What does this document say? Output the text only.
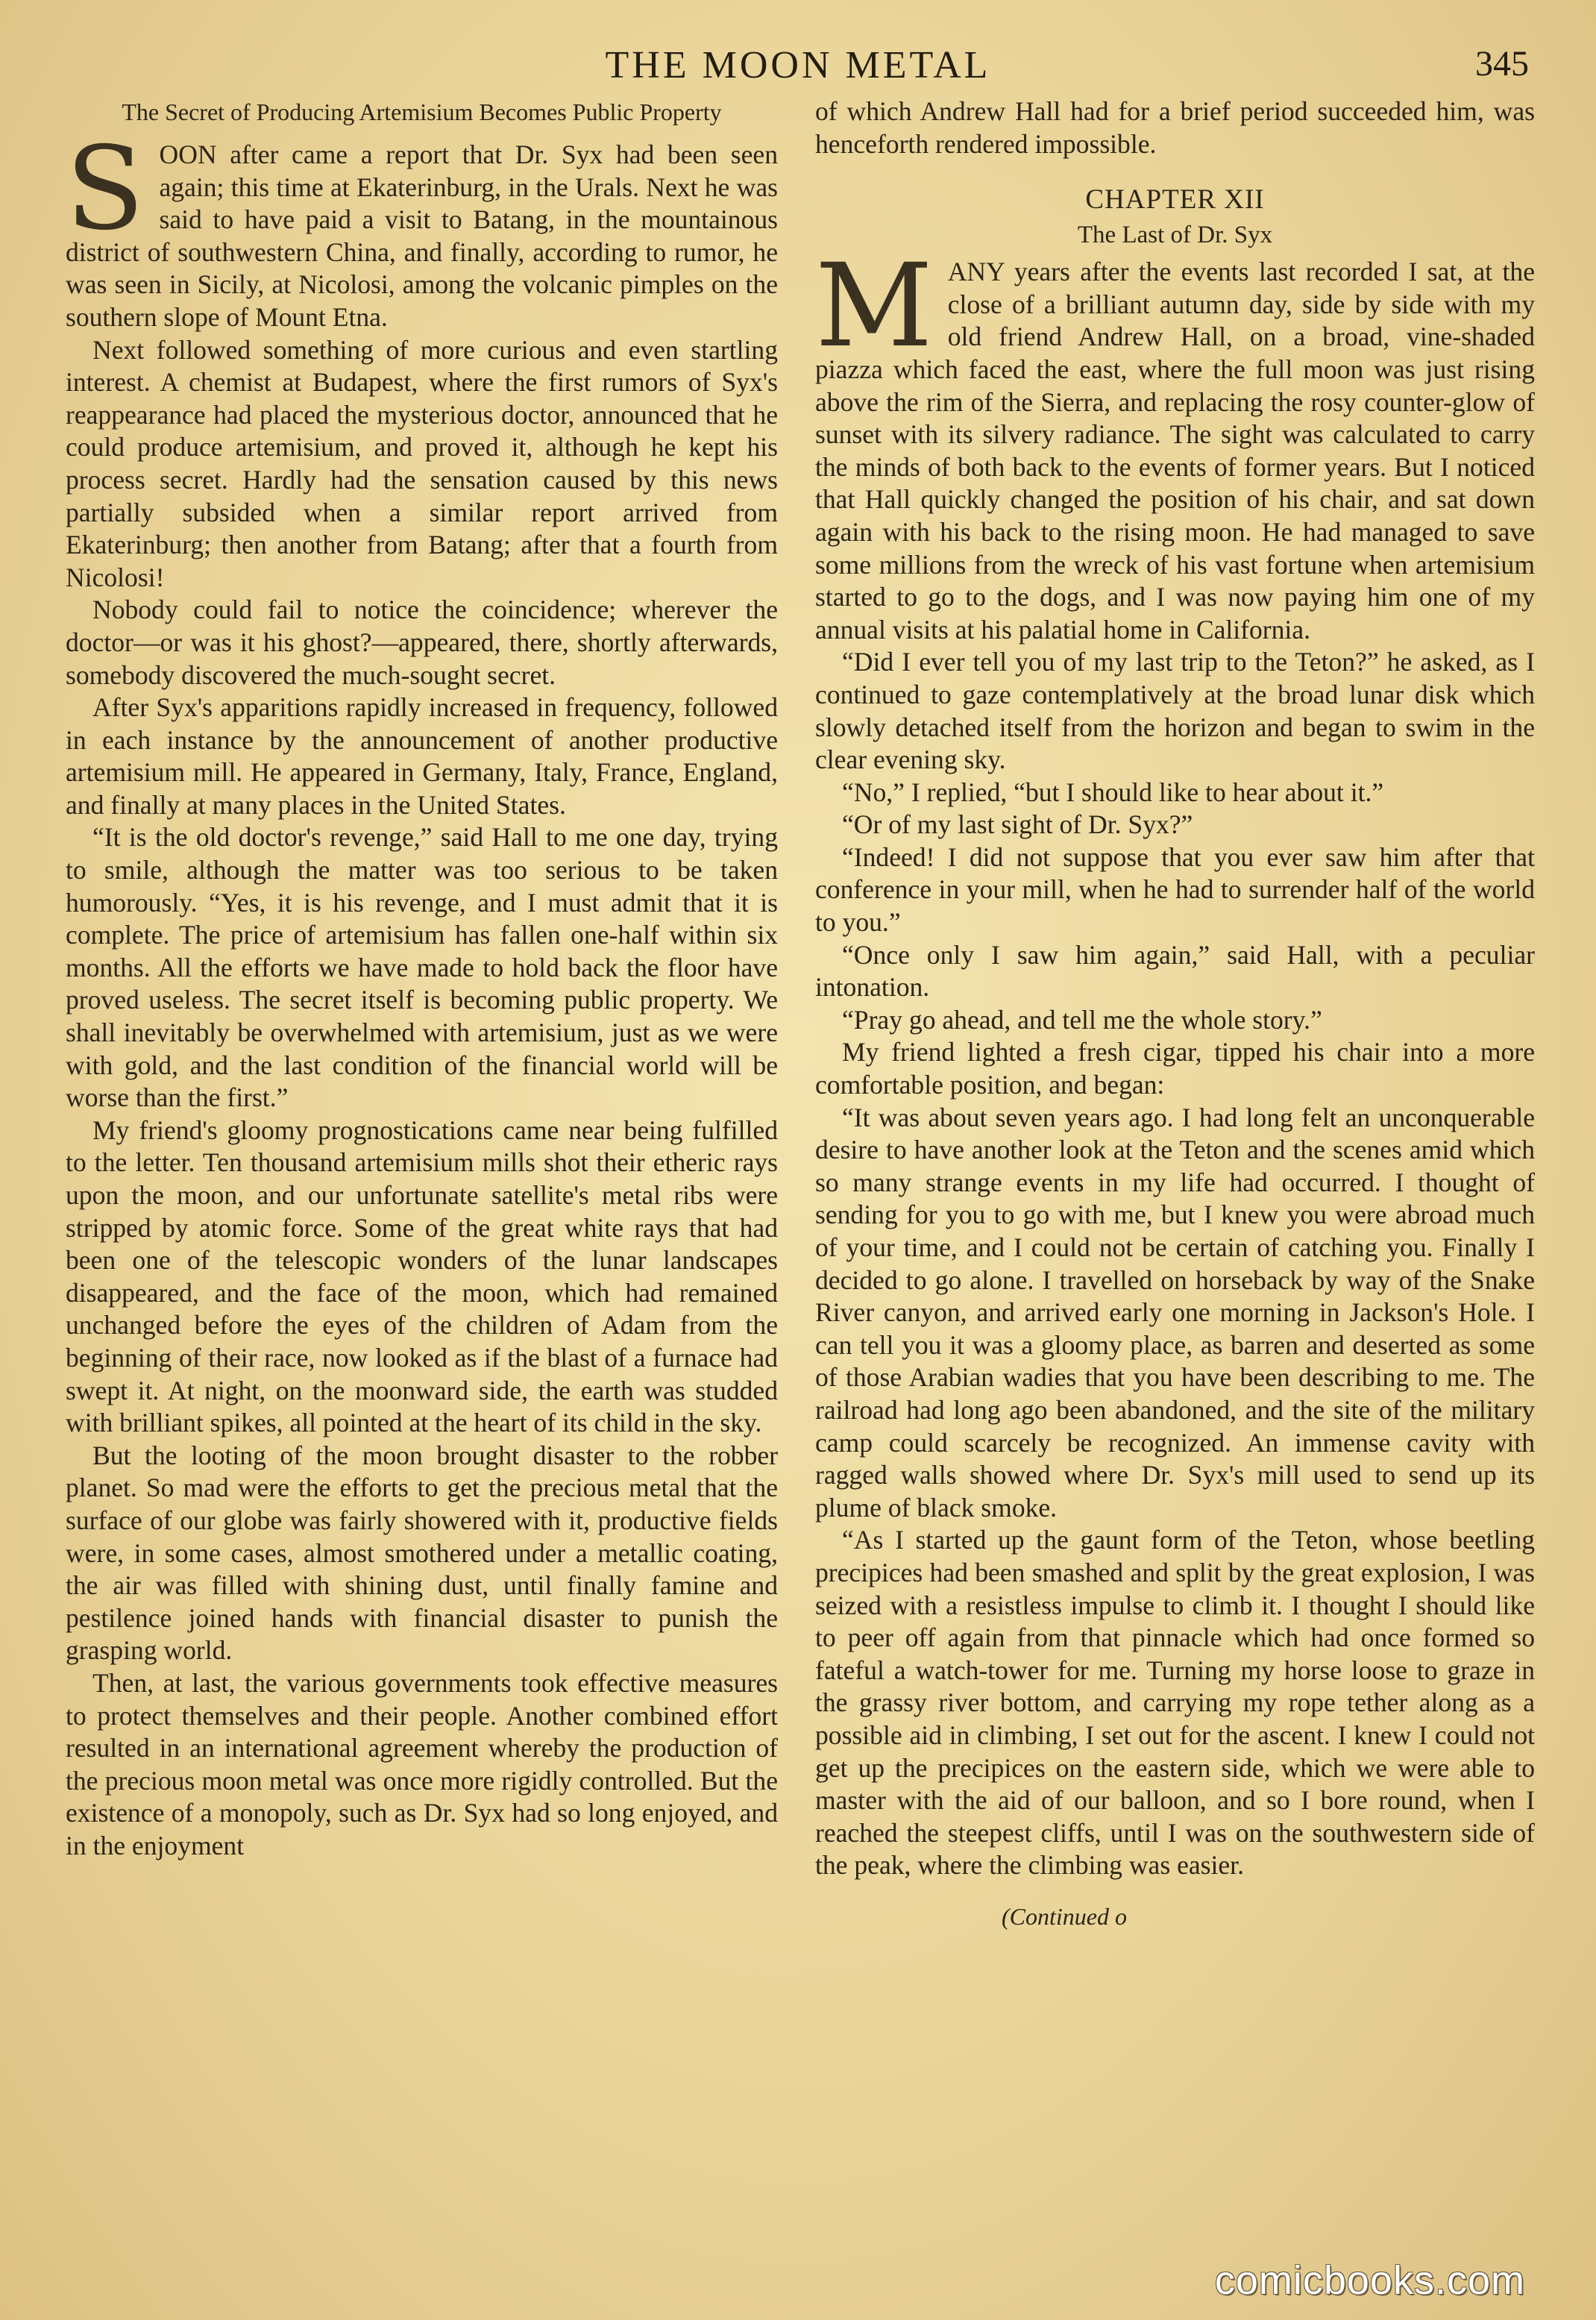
THE MOON METAL	345
The Secret of Producing Artemisium Becomes Public Property

SOON after came a report that Dr. Syx had been seen again; this time at Ekaterinburg, in the Urals. Next he was said to have paid a visit to Batang, in the mountainous district of southwestern China, and finally, according to rumor, he was seen in Sicily, at Nicolosi, among the volcanic pimples on the southern slope of Mount Etna.

Next followed something of more curious and even startling interest. A chemist at Budapest, where the first rumors of Syx's reappearance had placed the mysterious doctor, announced that he could produce artemisium, and proved it, although he kept his process secret. Hardly had the sensation caused by this news partially subsided when a similar report arrived from Ekaterinburg; then another from Batang; after that a fourth from Nicolosi!

Nobody could fail to notice the coincidence; wherever the doctor—or was it his ghost?—appeared, there, shortly afterwards, somebody discovered the much-sought secret.

After Syx's apparitions rapidly increased in frequency, followed in each instance by the announcement of another productive artemisium mill. He appeared in Germany, Italy, France, England, and finally at many places in the United States.

“It is the old doctor's revenge,” said Hall to me one day, trying to smile, although the matter was too serious to be taken humorously. “Yes, it is his revenge, and I must admit that it is complete. The price of artemisium has fallen one-half within six months. All the efforts we have made to hold back the floor have proved useless. The secret itself is becoming public property. We shall inevitably be overwhelmed with artemisium, just as we were with gold, and the last condition of the financial world will be worse than the first.”

My friend's gloomy prognostications came near being fulfilled to the letter. Ten thousand artemisium mills shot their etheric rays upon the moon, and our unfortunate satellite's metal ribs were stripped by atomic force. Some of the great white rays that had been one of the telescopic wonders of the lunar landscapes disappeared, and the face of the moon, which had remained unchanged before the eyes of the children of Adam from the beginning of their race, now looked as if the blast of a furnace had swept it. At night, on the moonward side, the earth was studded with brilliant spikes, all pointed at the heart of its child in the sky.

But the looting of the moon brought disaster to the robber planet. So mad were the efforts to get the precious metal that the surface of our globe was fairly showered with it, productive fields were, in some cases, almost smothered under a metallic coating, the air was filled with shining dust, until finally famine and pestilence joined hands with financial disaster to punish the grasping world.

Then, at last, the various governments took effective measures to protect themselves and their people. Another combined effort resulted in an international agreement whereby the production of the precious moon metal was once more rigidly controlled. But the existence of a monopoly, such as Dr. Syx had so long enjoyed, and in the enjoyment

of which Andrew Hall had for a brief period succeeded him, was henceforth rendered impossible.

CHAPTER XII
The Last of Dr. Syx

MANY years after the events last recorded I sat, at the close of a brilliant autumn day, side by side with my old friend Andrew Hall, on a broad, vine-shaded piazza which faced the east, where the full moon was just rising above the rim of the Sierra, and replacing the rosy counter-glow of sunset with its silvery radiance. The sight was calculated to carry the minds of both back to the events of former years. But I noticed that Hall quickly changed the position of his chair, and sat down again with his back to the rising moon. He had managed to save some millions from the wreck of his vast fortune when artemisium started to go to the dogs, and I was now paying him one of my annual visits at his palatial home in California.

“Did I ever tell you of my last trip to the Teton?” he asked, as I continued to gaze contemplatively at the broad lunar disk which slowly detached itself from the horizon and began to swim in the clear evening sky.

“No,” I replied, “but I should like to hear about it.”

“Or of my last sight of Dr. Syx?”

“Indeed! I did not suppose that you ever saw him after that conference in your mill, when he had to surrender half of the world to you.”

“Once only I saw him again,” said Hall, with a peculiar intonation.

“Pray go ahead, and tell me the whole story.”

My friend lighted a fresh cigar, tipped his chair into a more comfortable position, and began:

“It was about seven years ago. I had long felt an unconquerable desire to have another look at the Teton and the scenes amid which so many strange events in my life had occurred. I thought of sending for you to go with me, but I knew you were abroad much of your time, and I could not be certain of catching you. Finally I decided to go alone. I travelled on horseback by way of the Snake River canyon, and arrived early one morning in Jackson's Hole. I can tell you it was a gloomy place, as barren and deserted as some of those Arabian wadies that you have been describing to me. The railroad had long ago been abandoned, and the site of the military camp could scarcely be recognized. An immense cavity with ragged walls showed where Dr. Syx's mill used to send up its plume of black smoke.

“As I started up the gaunt form of the Teton, whose beetling precipices had been smashed and split by the great explosion, I was seized with a resistless impulse to climb it. I thought I should like to peer off again from that pinnacle which had once formed so fateful a watch-tower for me. Turning my horse loose to graze in the grassy river bottom, and carrying my rope tether along as a possible aid in climbing, I set out for the ascent. I knew I could not get up the precipices on the eastern side, which we were able to master with the aid of our balloon, and so I bore round, when I reached the steepest cliffs, until I was on the southwestern side of the peak, where the climbing was easier.

(Continued o
comicbooks.com
